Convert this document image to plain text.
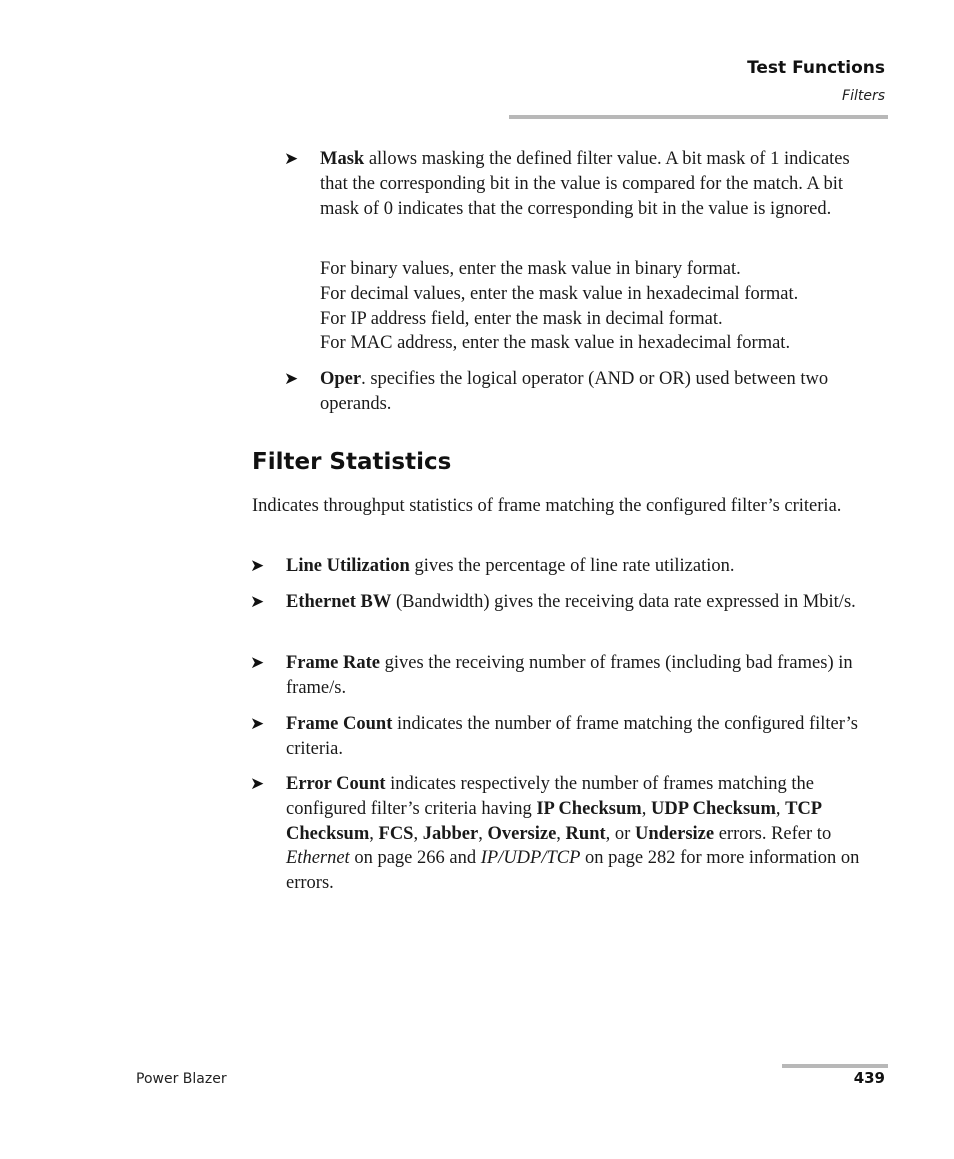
Test Functions
Filters
➤ Mask allows masking the defined filter value. A bit mask of 1 indicates that the corresponding bit in the value is compared for the match. A bit mask of 0 indicates that the corresponding bit in the value is ignored.
For binary values, enter the mask value in binary format.
For decimal values, enter the mask value in hexadecimal format.
For IP address field, enter the mask in decimal format.
For MAC address, enter the mask value in hexadecimal format.
➤ Oper. specifies the logical operator (AND or OR) used between two operands.
Filter Statistics
Indicates throughput statistics of frame matching the configured filter’s criteria.
➤ Line Utilization gives the percentage of line rate utilization.
➤ Ethernet BW (Bandwidth) gives the receiving data rate expressed in Mbit/s.
➤ Frame Rate gives the receiving number of frames (including bad frames) in frame/s.
➤ Frame Count indicates the number of frame matching the configured filter’s criteria.
➤ Error Count indicates respectively the number of frames matching the configured filter’s criteria having IP Checksum, UDP Checksum, TCP Checksum, FCS, Jabber, Oversize, Runt, or Undersize errors. Refer to Ethernet on page 266 and IP/UDP/TCP on page 282 for more information on errors.
Power Blazer	439
